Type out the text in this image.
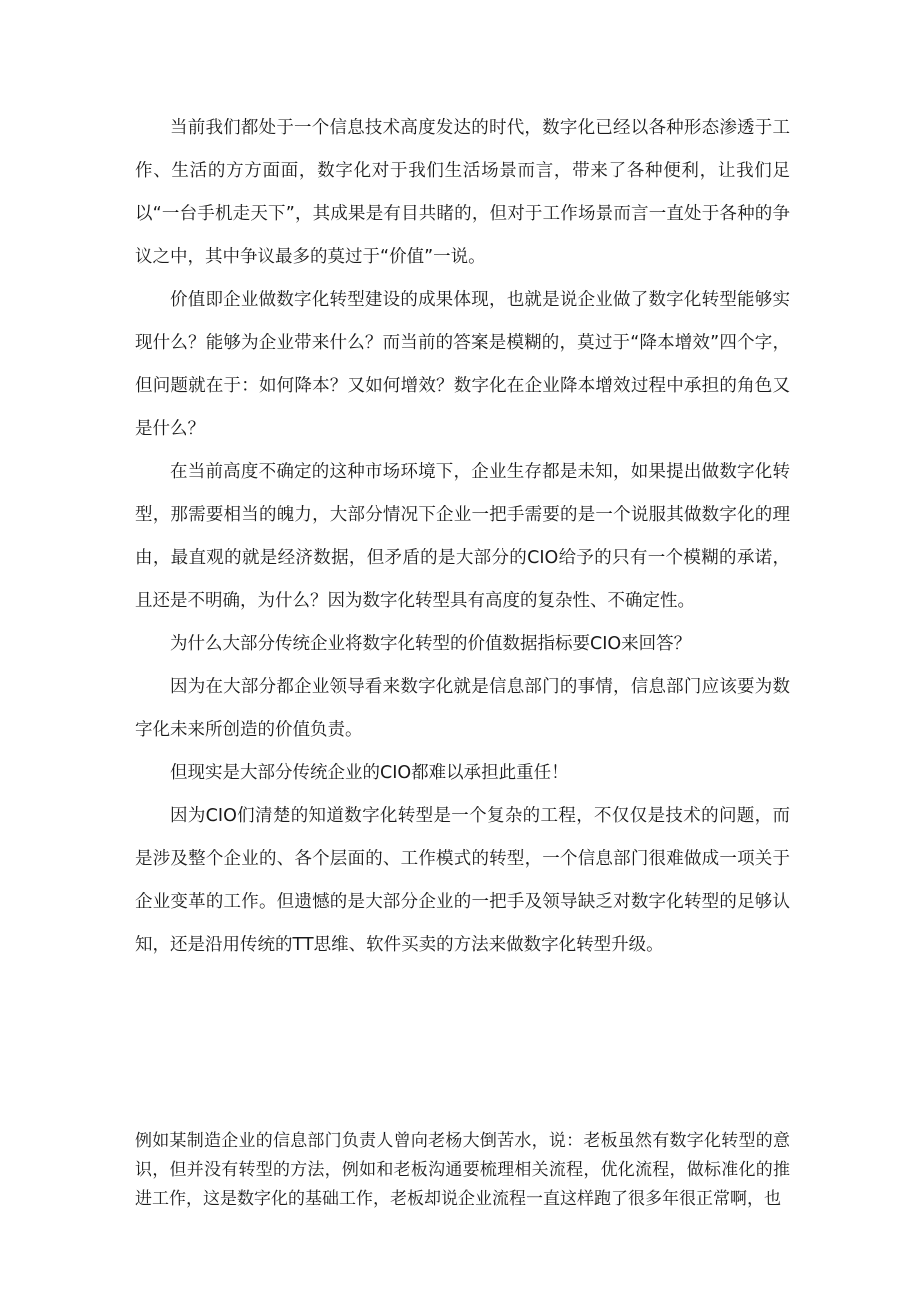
当前我们都处于一个信息技术高度发达的时代，数字化已经以各种形态渗透于工作、生活的方方面面，数字化对于我们生活场景而言，带来了各种便利，让我们足以“一台手机走天下”，其成果是有目共睹的，但对于工作场景而言一直处于各种的争议之中，其中争议最多的莫过于“价值”一说。

价值即企业做数字化转型建设的成果体现，也就是说企业做了数字化转型能够实现什么？能够为企业带来什么？而当前的答案是模糊的，莫过于“降本增效”四个字，但问题就在于：如何降本？又如何增效？数字化在企业降本增效过程中承担的角色又是什么？

在当前高度不确定的这种市场环境下，企业生存都是未知，如果提出做数字化转型，那需要相当的魄力，大部分情况下企业一把手需要的是一个说服其做数字化的理由，最直观的就是经济数据，但矛盾的是大部分的CIO给予的只有一个模糊的承诺，且还是不明确，为什么？因为数字化转型具有高度的复杂性、不确定性。

为什么大部分传统企业将数字化转型的价值数据指标要CIO来回答？

因为在大部分都企业领导看来数字化就是信息部门的事情，信息部门应该要为数字化未来所创造的价值负责。

但现实是大部分传统企业的CIO都难以承担此重任！

因为CIO们清楚的知道数字化转型是一个复杂的工程，不仅仅是技术的问题，而是涉及整个企业的、各个层面的、工作模式的转型，一个信息部门很难做成一项关于企业变革的工作。但遗憾的是大部分企业的一把手及领导缺乏对数字化转型的足够认知，还是沿用传统的TT思维、软件买卖的方法来做数字化转型升级。

例如某制造企业的信息部门负责人曾向老杨大倒苦水，说：老板虽然有数字化转型的意识，但并没有转型的方法，例如和老板沟通要梳理相关流程，优化流程，做标准化的推进工作，这是数字化的基础工作，老板却说企业流程一直这样跑了很多年很正常啊，也
